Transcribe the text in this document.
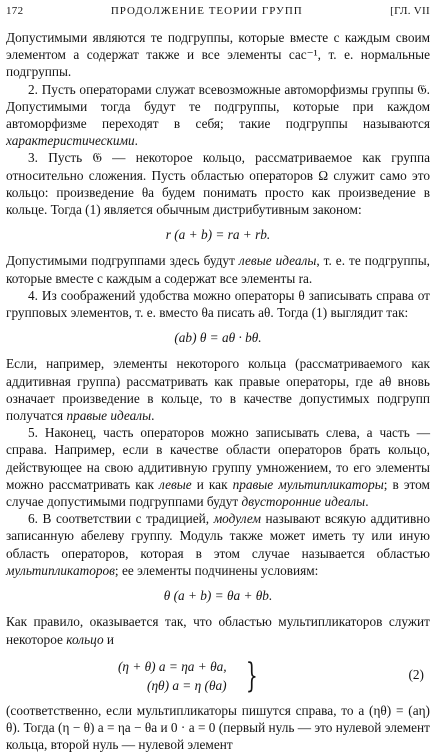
172	ПРОДОЛЖЕНИЕ ТЕОРИИ ГРУПП	[ГЛ. VII

Допустимыми являются те подгруппы, которые вместе с каждым своим элементом a содержат также и все элементы cac⁻¹, т. е. нормальные подгруппы.

2. Пусть операторами служат всевозможные автоморфизмы группы 𝔊. Допустимыми тогда будут те подгруппы, которые при каждом автоморфизме переходят в себя; такие подгруппы называются характеристическими.

3. Пусть 𝔊 — некоторое кольцо, рассматриваемое как группа относительно сложения. Пусть областью операторов Ω служит само это кольцо: произведение θa будем понимать просто как произведение в кольце. Тогда (1) является обычным дистрибутивным законом:

r (a + b) = ra + rb.

Допустимыми подгруппами здесь будут левые идеалы, т. е. те подгруппы, которые вместе с каждым a содержат все элементы ra.

4. Из соображений удобства можно операторы θ записывать справа от групповых элементов, т. е. вместо θa писать aθ. Тогда (1) выглядит так:

(ab) θ = aθ · bθ.

Если, например, элементы некоторого кольца (рассматриваемого как аддитивная группа) рассматривать как правые операторы, где aθ вновь означает произведение в кольце, то в качестве допустимых подгрупп получатся правые идеалы.

5. Наконец, часть операторов можно записывать слева, а часть — справа. Например, если в качестве области операторов брать кольцо, действующее на свою аддитивную группу умножением, то его элементы можно рассматривать как левые и как правые мультипликаторы; в этом случае допустимыми подгруппами будут двусторонние идеалы.

6. В соответствии с традицией, модулем называют всякую аддитивно записанную абелеву группу. Модуль также может иметь ту или иную область операторов, которая в этом случае называется областью мультипликаторов; ее элементы подчинены условиям:

θ (a + b) = θa + θb.

Как правило, оказывается так, что областью мультипликаторов служит некоторое кольцо и

(η + θ) a = ηa + θa,
(ηθ) a = η (θa) }	(2)

(соответственно, если мультипликаторы пишутся справа, то a (ηθ) = (aη) θ). Тогда (η − θ) a = ηa − θa и 0 · a = 0 (первый нуль — это нулевой элемент кольца, второй нуль — нулевой элемент
